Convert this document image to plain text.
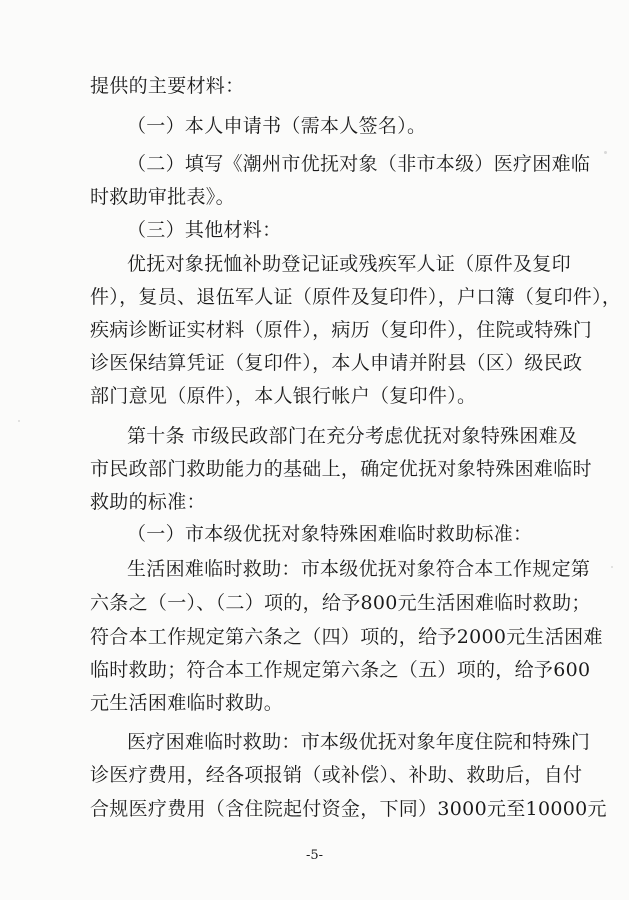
提供的主要材料：
（一）本人申请书（需本人签名）。
（二）填写《潮州市优抚对象（非市本级）医疗困难临
时救助审批表》。
（三）其他材料：
优抚对象抚恤补助登记证或残疾军人证（原件及复印
件），复员、退伍军人证（原件及复印件），户口簿（复印件），
疾病诊断证实材料（原件），病历（复印件），住院或特殊门
诊医保结算凭证（复印件），本人申请并附县（区）级民政
部门意见（原件），本人银行帐户（复印件）。
第十条 市级民政部门在充分考虑优抚对象特殊困难及
市民政部门救助能力的基础上，确定优抚对象特殊困难临时
救助的标准：
（一）市本级优抚对象特殊困难临时救助标准：
生活困难临时救助：市本级优抚对象符合本工作规定第
六条之（一）、（二）项的，给予800元生活困难临时救助；
符合本工作规定第六条之（四）项的，给予2000元生活困难
临时救助；符合本工作规定第六条之（五）项的，给予600
元生活困难临时救助。
医疗困难临时救助：市本级优抚对象年度住院和特殊门
诊医疗费用，经各项报销（或补偿）、补助、救助后，自付
合规医疗费用（含住院起付资金，下同）3000元至10000元
-5-
